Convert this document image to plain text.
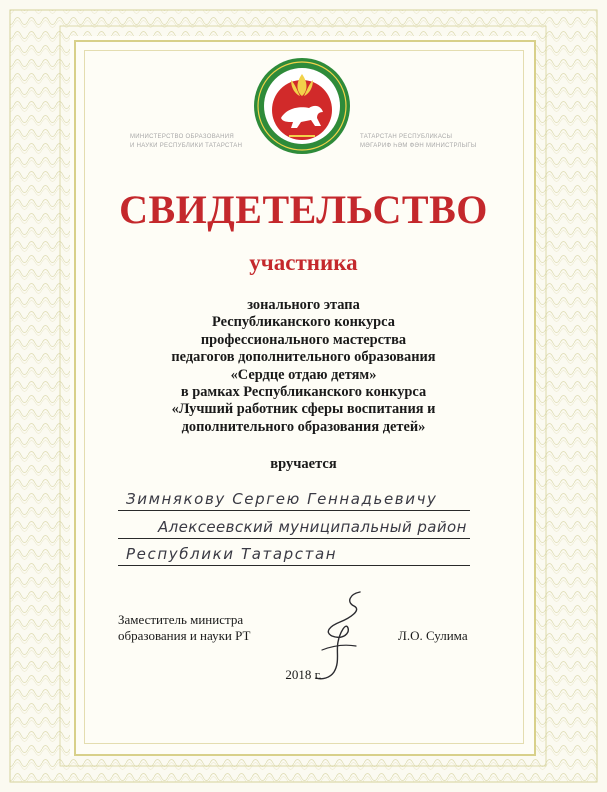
МИНИСТЕРСТВО ОБРАЗОВАНИЯ
И НАУКИ РЕСПУБЛИКИ ТАТАРСТАН
ТАТАРСТАН РЕСПУБЛИКАСЫ
МӘГАРИФ ҺӘМ ФӘН МИНИСТРЛЫГЫ
СВИДЕТЕЛЬСТВО
участника
зонального этапа
Республиканского конкурса
профессионального мастерства
педагогов дополнительного образования
«Сердце отдаю детям»
в рамках Республиканского конкурса
«Лучший работник сферы воспитания и
дополнительного образования детей»
вручается
Зимнякову Сергею Геннадьевичу
Алексеевский муниципальный район
Республики Татарстан
Заместитель министра
образования и науки РТ	Л.О. Сулима
2018 г.
